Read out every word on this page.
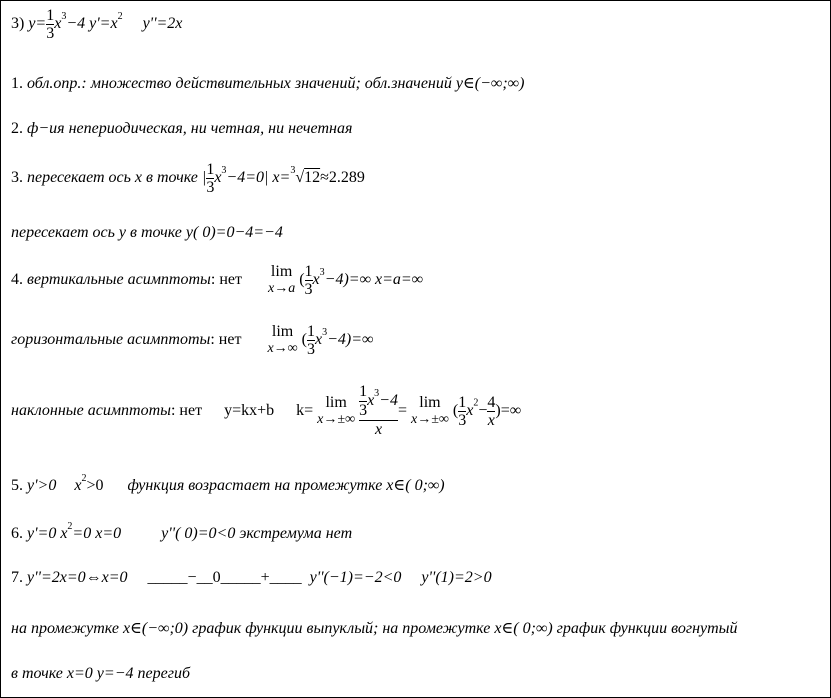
3) $y= \frac{1}{3} x^3-4$ $y'=x^2$ y''=2x
1. обл.опр.: множество действительных значений; обл.значений y∈(−∞;∞)
2. ф−ия непериодическая, ни четная, ни нечетная
3. пересекает ось x в точке | $\frac{1}{3} x^3-4=0|$ x=$^3$√12≈2.289
пересекает ось y в точке y( 0)=0−4=−4
4. вертикальные асимптоты: нет lim
x→a
( $\frac{1}{3} x^3-4)=\infty$ x=a=∞
горизонтальные асимптоты: нет lim
x→∞
( $\frac{1}{3} x^3-4)=\infty$
наклонные асимптоты: нет y=kx+b k= lim
x→±∞
$\frac{\frac{1}{3} x^3-4}{x} = \lim$
x→±∞
( $\frac{1}{3} x^2- \frac{4}{x}$ )=∞
5. y'>0 $x^2>0$ функция возрастает на промежутке x∈( 0;∞)
6. y'=0 $x^2=0$ x=0	y''( 0)=0<0 экстремума нет
7. y''=2x=0⇔x=0 _____−__0_____+____ y''(−1)=−2<0 y''(1)=2>0
на промежутке x∈(−∞;0) график функции выпуклый; на промежутке x∈( 0;∞) график функции вогнутый
в точке x=0 y=−4 перегиб
